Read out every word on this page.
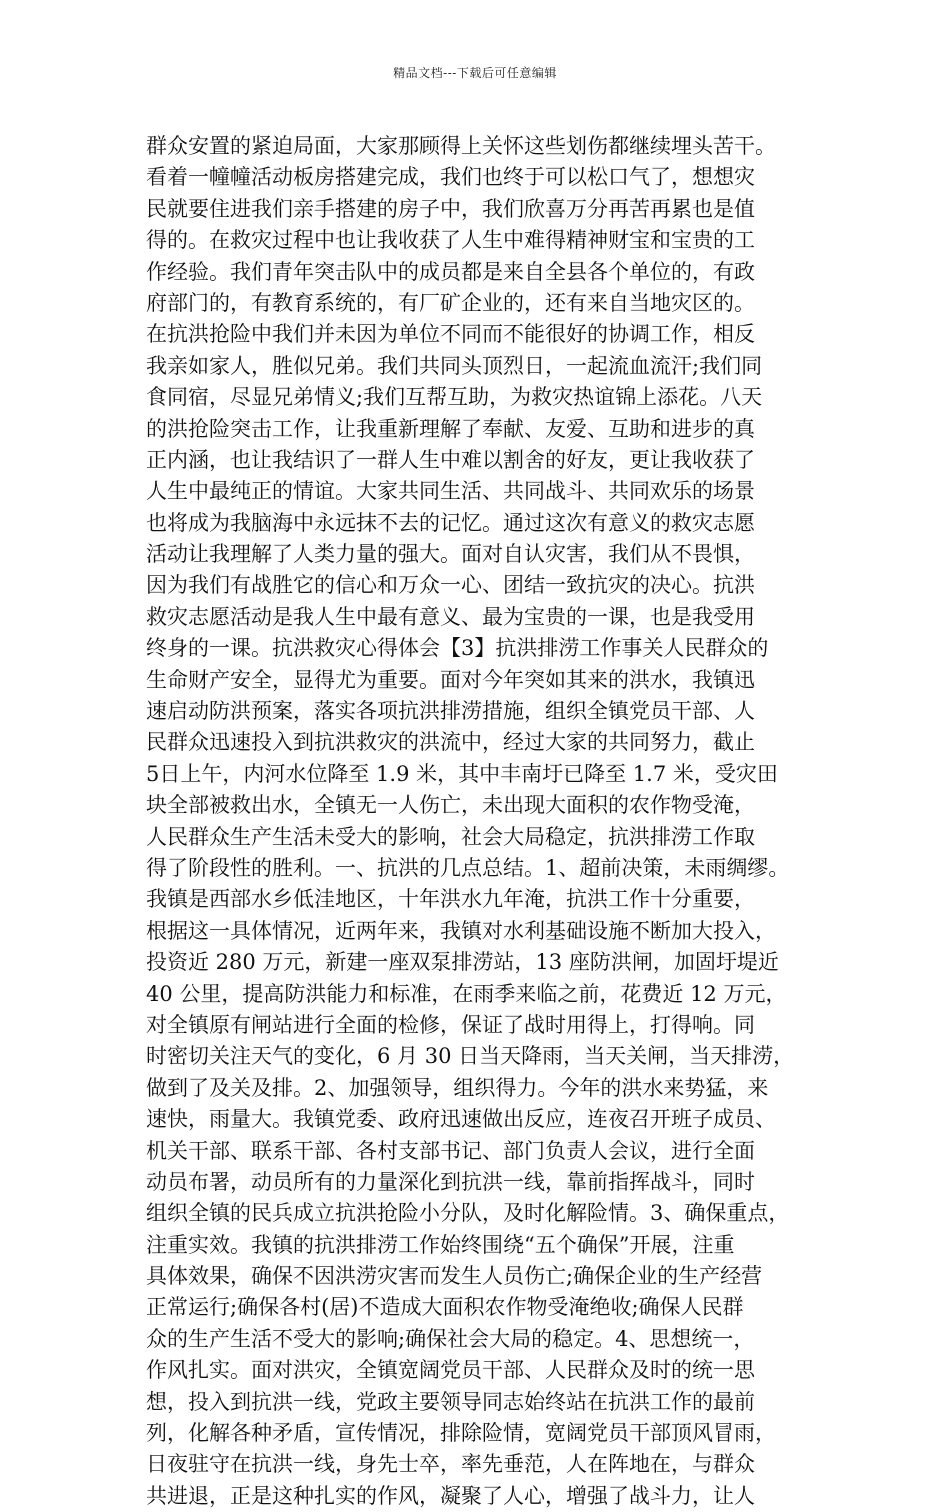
精品文档---下载后可任意编辑
群众安置的紧迫局面，大家那顾得上关怀这些划伤都继续埋头苦干。
看着一幢幢活动板房搭建完成，我们也终于可以松口气了，想想灾
民就要住进我们亲手搭建的房子中，我们欣喜万分再苦再累也是值
得的。在救灾过程中也让我收获了人生中难得精神财宝和宝贵的工
作经验。我们青年突击队中的成员都是来自全县各个单位的，有政
府部门的，有教育系统的，有厂矿企业的，还有来自当地灾区的。
在抗洪抢险中我们并未因为单位不同而不能很好的协调工作，相反
我亲如家人，胜似兄弟。我们共同头顶烈日，一起流血流汗;我们同
食同宿，尽显兄弟情义;我们互帮互助，为救灾热谊锦上添花。八天
的洪抢险突击工作，让我重新理解了奉献、友爱、互助和进步的真
正内涵，也让我结识了一群人生中难以割舍的好友，更让我收获了
人生中最纯正的情谊。大家共同生活、共同战斗、共同欢乐的场景
也将成为我脑海中永远抹不去的记忆。通过这次有意义的救灾志愿
活动让我理解了人类力量的强大。面对自认灾害，我们从不畏惧，
因为我们有战胜它的信心和万众一心、团结一致抗灾的决心。抗洪
救灾志愿活动是我人生中最有意义、最为宝贵的一课，也是我受用
终身的一课。抗洪救灾心得体会【3】抗洪排涝工作事关人民群众的
生命财产安全，显得尤为重要。面对今年突如其来的洪水，我镇迅
速启动防洪预案，落实各项抗洪排涝措施，组织全镇党员干部、人
民群众迅速投入到抗洪救灾的洪流中，经过大家的共同努力，截止
5日上午，内河水位降至 1.9 米，其中丰南圩已降至 1.7 米，受灾田
块全部被救出水，全镇无一人伤亡，未出现大面积的农作物受淹，
人民群众生产生活未受大的影响，社会大局稳定，抗洪排涝工作取
得了阶段性的胜利。一、抗洪的几点总结。1、超前决策，未雨绸缪。
我镇是西部水乡低洼地区，十年洪水九年淹，抗洪工作十分重要，
根据这一具体情况，近两年来，我镇对水利基础设施不断加大投入，
投资近 280 万元，新建一座双泵排涝站，13 座防洪闸，加固圩堤近
40 公里，提高防洪能力和标准，在雨季来临之前，花费近 12 万元，
对全镇原有闸站进行全面的检修，保证了战时用得上，打得响。同
时密切关注天气的变化，6 月 30 日当天降雨，当天关闸，当天排涝，
做到了及关及排。2、加强领导，组织得力。今年的洪水来势猛，来
速快，雨量大。我镇党委、政府迅速做出反应，连夜召开班子成员、
机关干部、联系干部、各村支部书记、部门负责人会议，进行全面
动员布署，动员所有的力量深化到抗洪一线，靠前指挥战斗，同时
组织全镇的民兵成立抗洪抢险小分队，及时化解险情。3、确保重点，
注重实效。我镇的抗洪排涝工作始终围绕“五个确保”开展，注重
具体效果，确保不因洪涝灾害而发生人员伤亡;确保企业的生产经营
正常运行;确保各村(居)不造成大面积农作物受淹绝收;确保人民群
众的生产生活不受大的影响;确保社会大局的稳定。4、思想统一，
作风扎实。面对洪灾，全镇宽阔党员干部、人民群众及时的统一思
想，投入到抗洪一线，党政主要领导同志始终站在抗洪工作的最前
列，化解各种矛盾，宣传情况，排除险情，宽阔党员干部顶风冒雨，
日夜驻守在抗洪一线，身先士卒，率先垂范，人在阵地在，与群众
共进退，正是这种扎实的作风，凝聚了人心，增强了战斗力，让人
